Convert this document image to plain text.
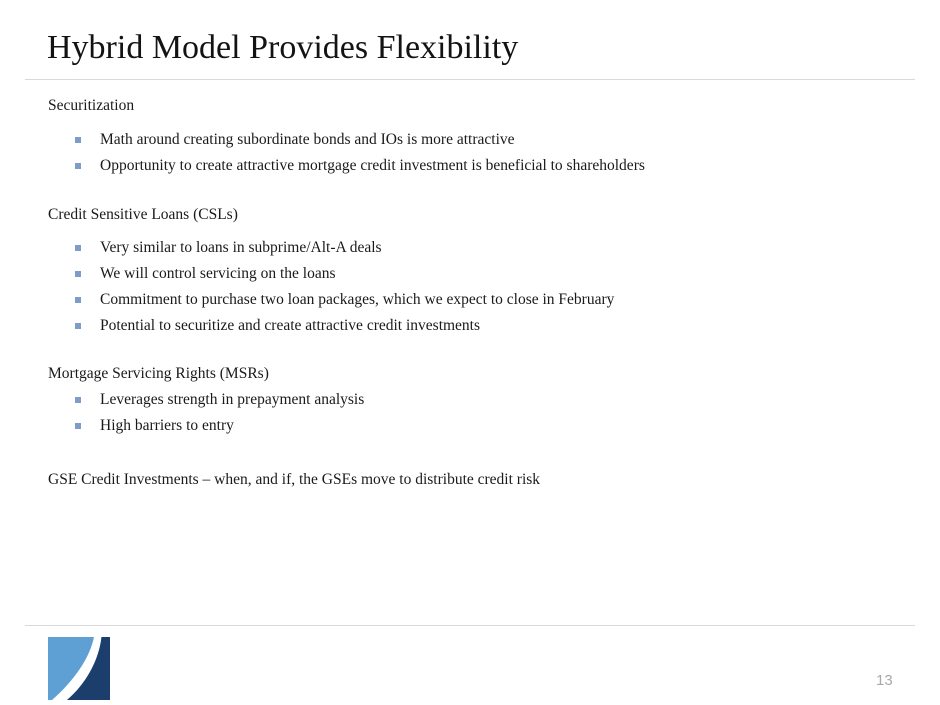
Hybrid Model Provides Flexibility
Securitization
Math around creating subordinate bonds and IOs is more attractive
Opportunity to create attractive mortgage credit investment is beneficial to shareholders
Credit Sensitive Loans (CSLs)
Very similar to loans in subprime/Alt-A deals
We will control servicing on the loans
Commitment to purchase two loan packages, which we expect to close in February
Potential to securitize and create attractive credit investments
Mortgage Servicing Rights (MSRs)
Leverages strength in prepayment analysis
High barriers to entry
GSE Credit Investments – when, and if, the GSEs move to distribute credit risk
13
